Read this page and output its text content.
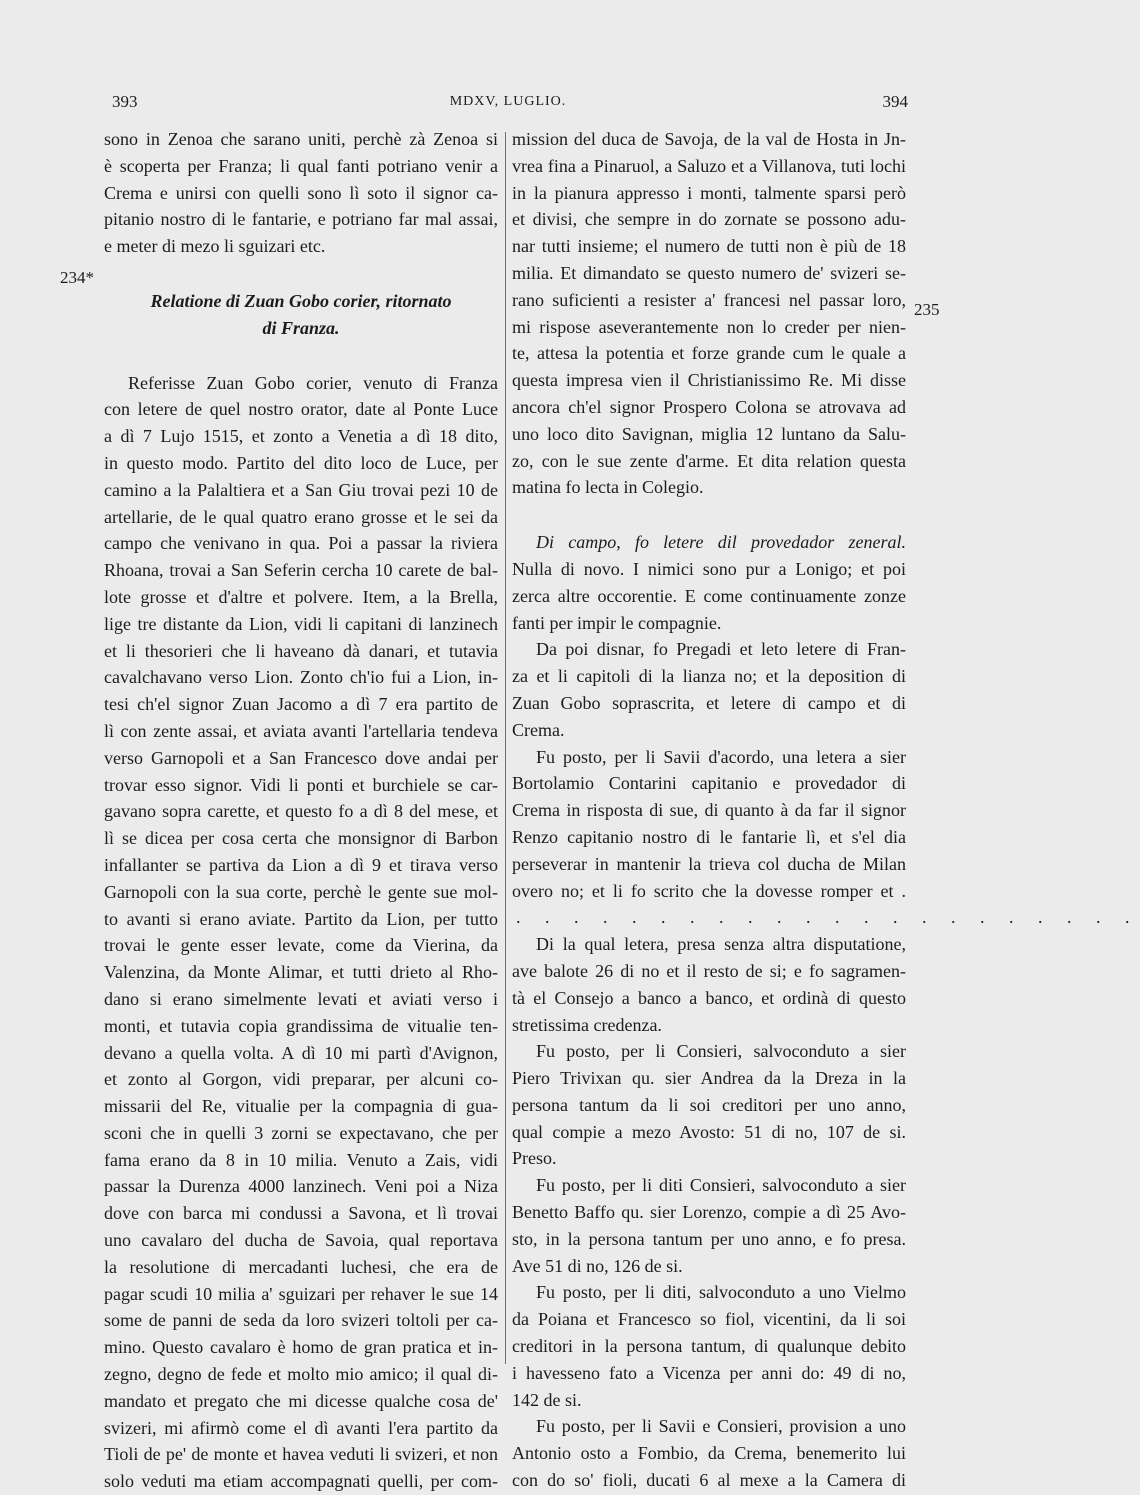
393	MDXV, LUGLIO.	394
234*
235
sono in Zenoa che sarano uniti, perchè zà Zenoa si
è scoperta per Franza; li qual fanti potriano venir a
Crema e unirsi con quelli sono lì soto il signor ca-
pitanio nostro di le fantarie, e potriano far mal assai,
e meter di mezo li sguizari etc.
Relatione di Zuan Gobo corier, ritornato
di Franza.
Referisse Zuan Gobo corier, venuto di Franza
con letere de quel nostro orator, date al Ponte Luce
a dì 7 Lujo 1515, et zonto a Venetia a dì 18 dito,
in questo modo. Partito del dito loco de Luce, per
camino a la Palaltiera et a San Giu trovai pezi 10 de
artellarie, de le qual quatro erano grosse et le sei da
campo che venivano in qua. Poi a passar la riviera
Rhoana, trovai a San Seferin cercha 10 carete de bal-
lote grosse et d'altre et polvere. Item, a la Brella,
lige tre distante da Lion, vidi li capitani di lanzinech
et li thesorieri che li haveano dà danari, et tutavia
cavalchavano verso Lion. Zonto ch'io fui a Lion, in-
tesi ch'el signor Zuan Jacomo a dì 7 era partito de
lì con zente assai, et aviata avanti l'artellaria tendeva
verso Garnopoli et a San Francesco dove andai per
trovar esso signor. Vidi li ponti et burchiele se car-
gavano sopra carette, et questo fo a dì 8 del mese, et
lì se dicea per cosa certa che monsignor di Barbon
infallanter se partiva da Lion a dì 9 et tirava verso
Garnopoli con la sua corte, perchè le gente sue mol-
to avanti si erano aviate. Partito da Lion, per tutto
trovai le gente esser levate, come da Vierina, da
Valenzina, da Monte Alimar, et tutti drieto al Rho-
dano si erano simelmente levati et aviati verso i
monti, et tutavia copia grandissima de vitualie ten-
devano a quella volta. A dì 10 mi partì d'Avignon,
et zonto al Gorgon, vidi preparar, per alcuni co-
missarii del Re, vitualie per la compagnia di gua-
sconi che in quelli 3 zorni se expectavano, che per
fama erano da 8 in 10 milia. Venuto a Zais, vidi
passar la Durenza 4000 lanzinech. Veni poi a Niza
dove con barca mi condussi a Savona, et lì trovai
uno cavalaro del ducha de Savoia, qual reportava
la resolutione di mercadanti luchesi, che era de
pagar scudi 10 milia a' sguizari per rehaver le sue 14
some de panni de seda da loro svizeri toltoli per ca-
mino. Questo cavalaro è homo de gran pratica et in-
zegno, degno de fede et molto mio amico; il qual di-
mandato et pregato che mi dicesse qualche cosa de'
svizeri, mi afirmò come el dì avanti l'era partito da
Tioli de pe' de monte et havea veduti li svizeri, et non
solo veduti ma etiam accompagnati quelli, per com-
mission del duca de Savoja, de la val de Hosta in Jn-
vrea fina a Pinaruol, a Saluzo et a Villanova, tuti lochi
in la pianura appresso i monti, talmente sparsi però
et divisi, che sempre in do zornate se possono adu-
nar tutti insieme; el numero de tutti non è più de 18
milia. Et dimandato se questo numero de' svizeri se-
rano suficienti a resister a' francesi nel passar loro,
mi rispose aseverantemente non lo creder per nien-
te, attesa la potentia et forze grande cum le quale a
questa impresa vien il Christianissimo Re. Mi disse
ancora ch'el signor Prospero Colona se atrovava ad
uno loco dito Savignan, miglia 12 luntano da Salu-
zo, con le sue zente d'arme. Et dita relation questa
matina fo lecta in Colegio.
Di campo, fo letere dil provedador zeneral.
Nulla di novo. I nimici sono pur a Lonigo; et poi
zerca altre occorentie. E come continuamente zonze
fanti per impir le compagnie.
Da poi disnar, fo Pregadi et leto letere di Fran-
za et li capitoli di la lianza no; et la deposition di
Zuan Gobo soprascrita, et letere di campo et di
Crema.
Fu posto, per li Savii d'acordo, una letera a sier
Bortolamio Contarini capitanio e provedador di
Crema in risposta di sue, di quanto à da far il signor
Renzo capitanio nostro di le fantarie lì, et s'el dia
perseverar in mantenir la trieva col ducha de Milan
overo no; et li fo scrito che la dovesse romper et .
. . . . . . . . . . . . . . . . . . . . . .
Di la qual letera, presa senza altra disputatione,
ave balote 26 di no et il resto de si; e fo sagramen-
tà el Consejo a banco a banco, et ordinà di questo
stretissima credenza.
Fu posto, per li Consieri, salvoconduto a sier
Piero Trivixan qu. sier Andrea da la Dreza in la
persona tantum da li soi creditori per uno anno,
qual compie a mezo Avosto: 51 di no, 107 de si.
Preso.
Fu posto, per li diti Consieri, salvoconduto a sier
Benetto Baffo qu. sier Lorenzo, compie a dì 25 Avo-
sto, in la persona tantum per uno anno, e fo presa.
Ave 51 di no, 126 de si.
Fu posto, per li diti, salvoconduto a uno Vielmo
da Poiana et Francesco so fiol, vicentini, da li soi
creditori in la persona tantum, di qualunque debito
i havesseno fato a Vicenza per anni do: 49 di no,
142 de si.
Fu posto, per li Savii e Consieri, provision a uno
Antonio osto a Fombio, da Crema, benemerito lui
con do so' fioli, ducati 6 al mexe a la Camera di
